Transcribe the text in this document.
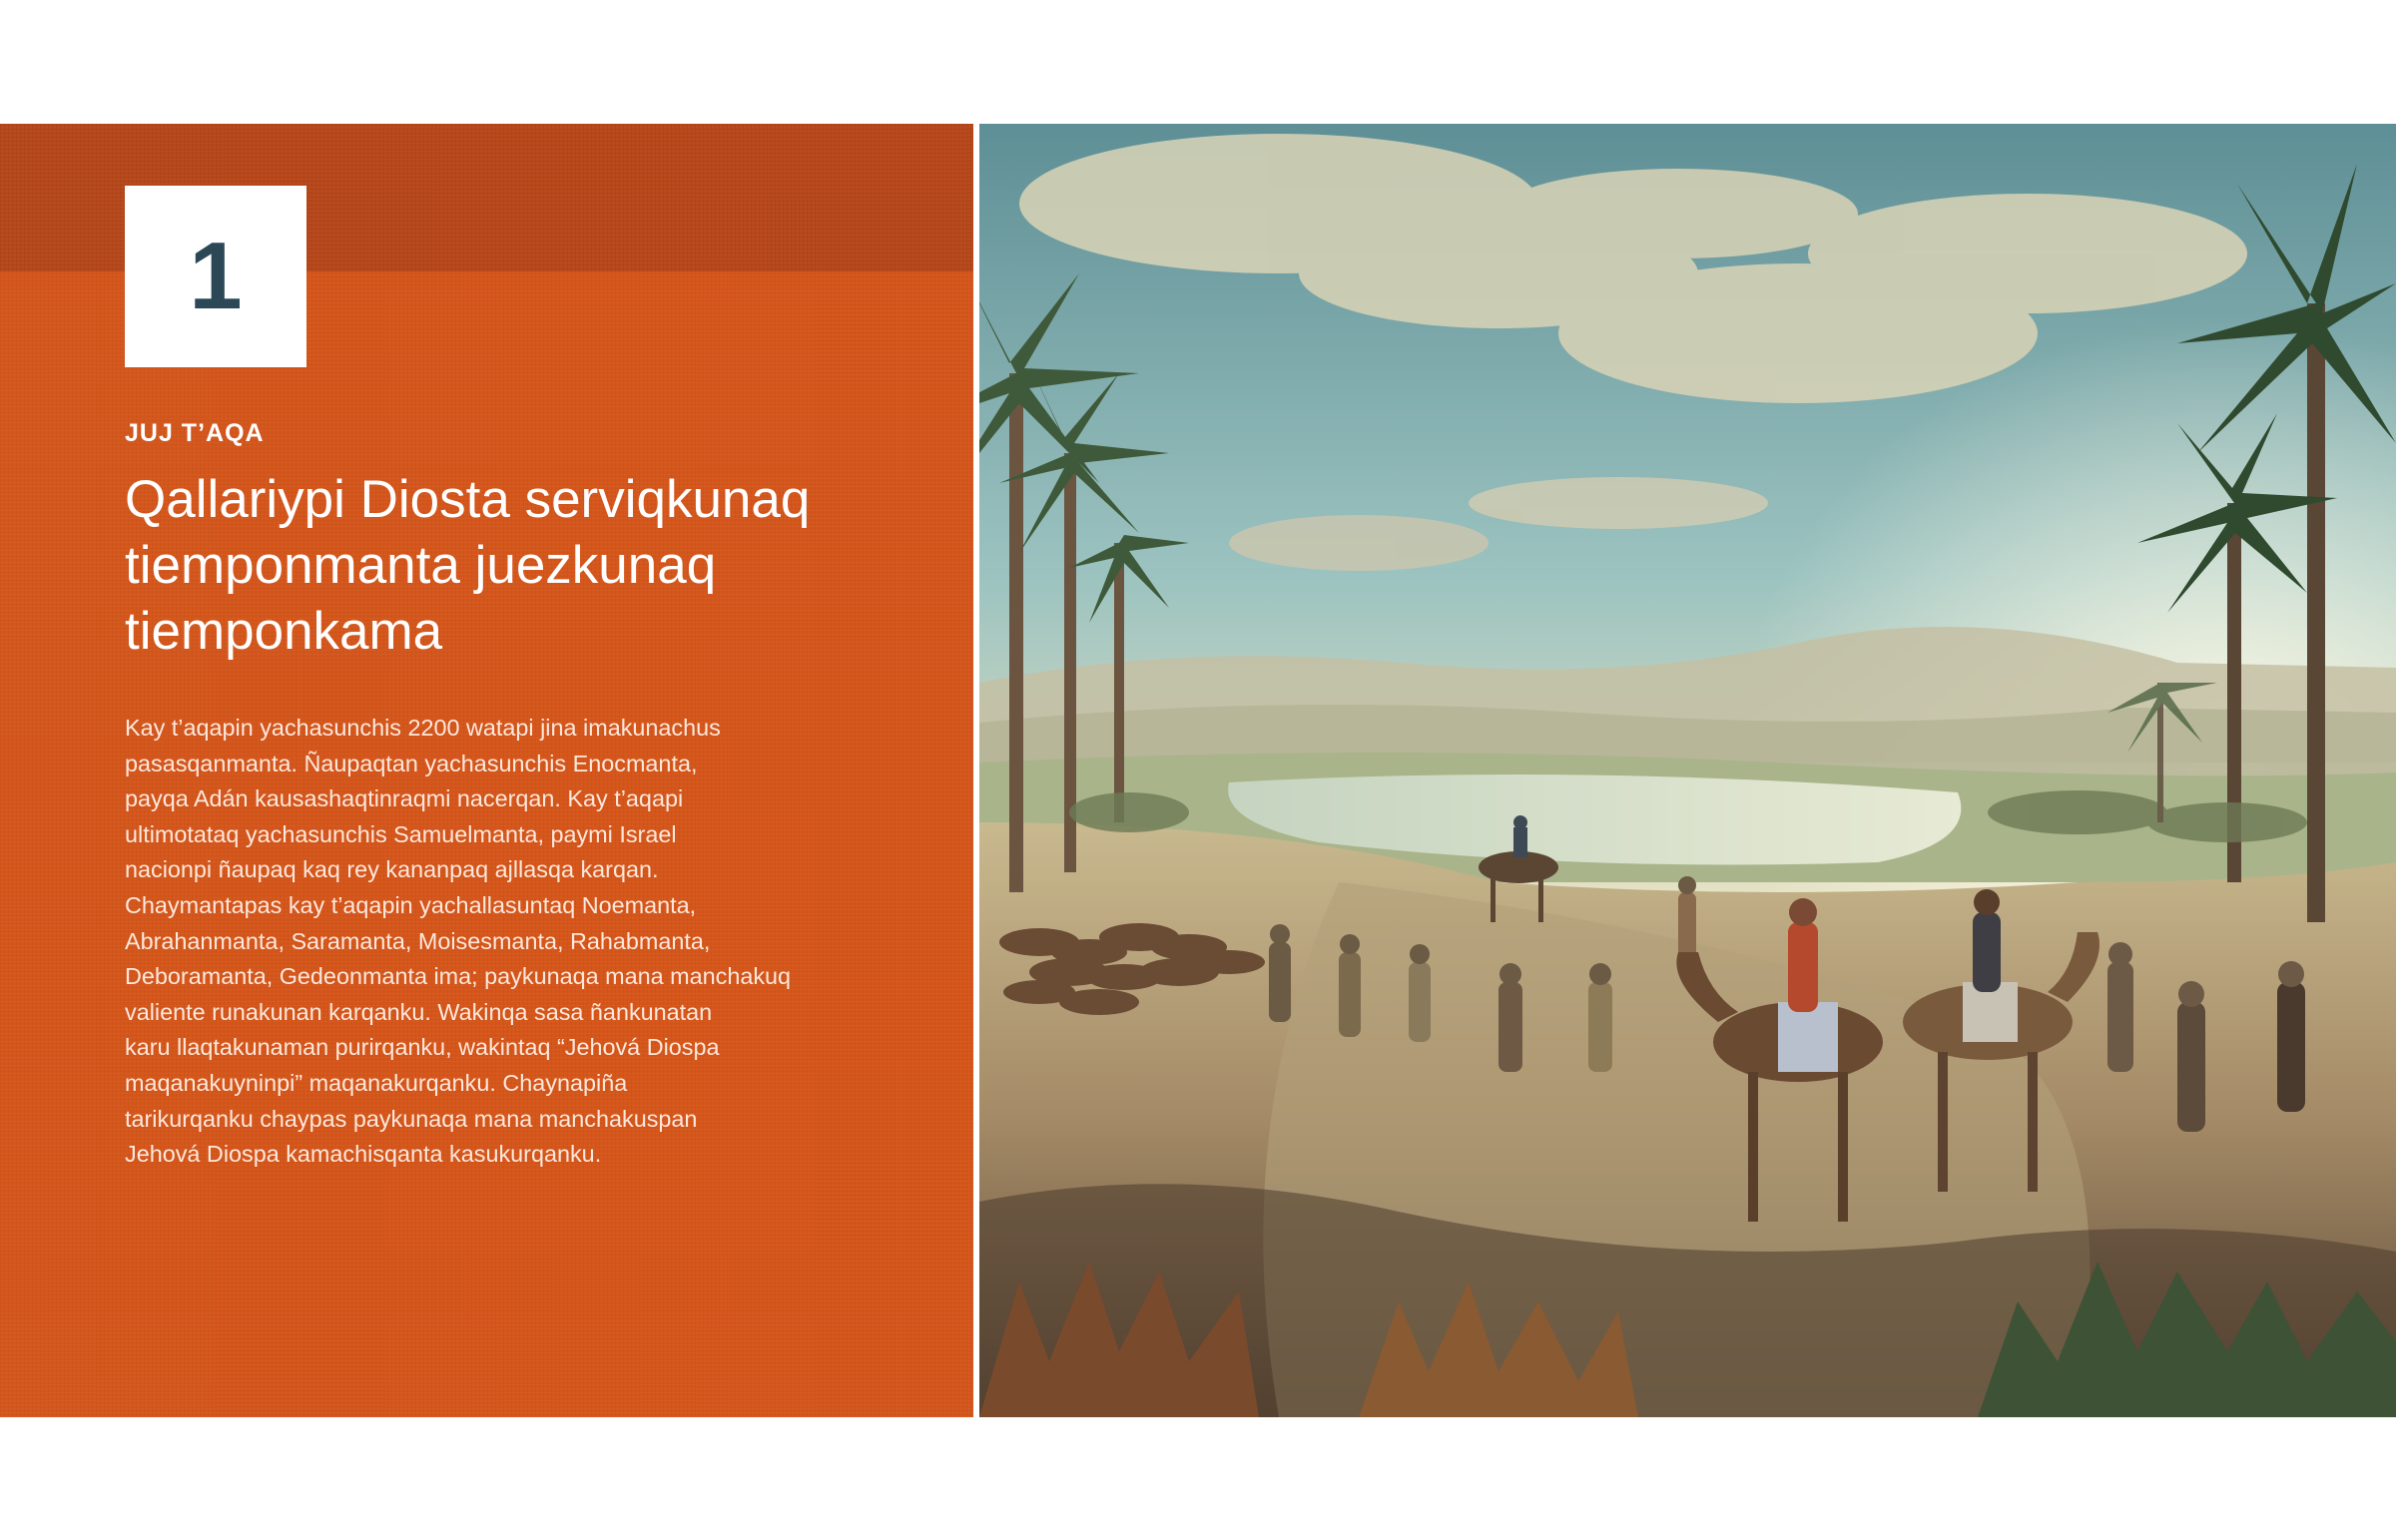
1
JUJ T’AQA
Qallariypi Diosta serviqkunaq
tiemponmanta juezkunaq
tiemponkama

Kay t’aqapin yachasunchis 2200 watapi jina imakunachus
pasasqanmanta. Ñaupaqtan yachasunchis Enocmanta,
payqa Adán kausashaqtinraqmi nacerqan. Kay t’aqapi
ultimotataq yachasunchis Samuelmanta, paymi Israel
nacionpi ñaupaq kaq rey kananpaq ajllasqa karqan.
Chaymantapas kay t’aqapin yachallasuntaq Noemanta,
Abrahanmanta, Saramanta, Moisesmanta, Rahabmanta,
Deboramanta, Gedeonmanta ima; paykunaqa mana manchakuq
valiente runakunan karqanku. Wakinqa sasa ñankunatan
karu llaqtakunaman purirqanku, wakintaq “Jehová Diospa
maqanakuyninpi” maqanakurqanku. Chaynapiña
tarikurqanku chaypas paykunaqa mana manchakuspan
Jehová Diospa kamachisqanta kasukurqanku.
